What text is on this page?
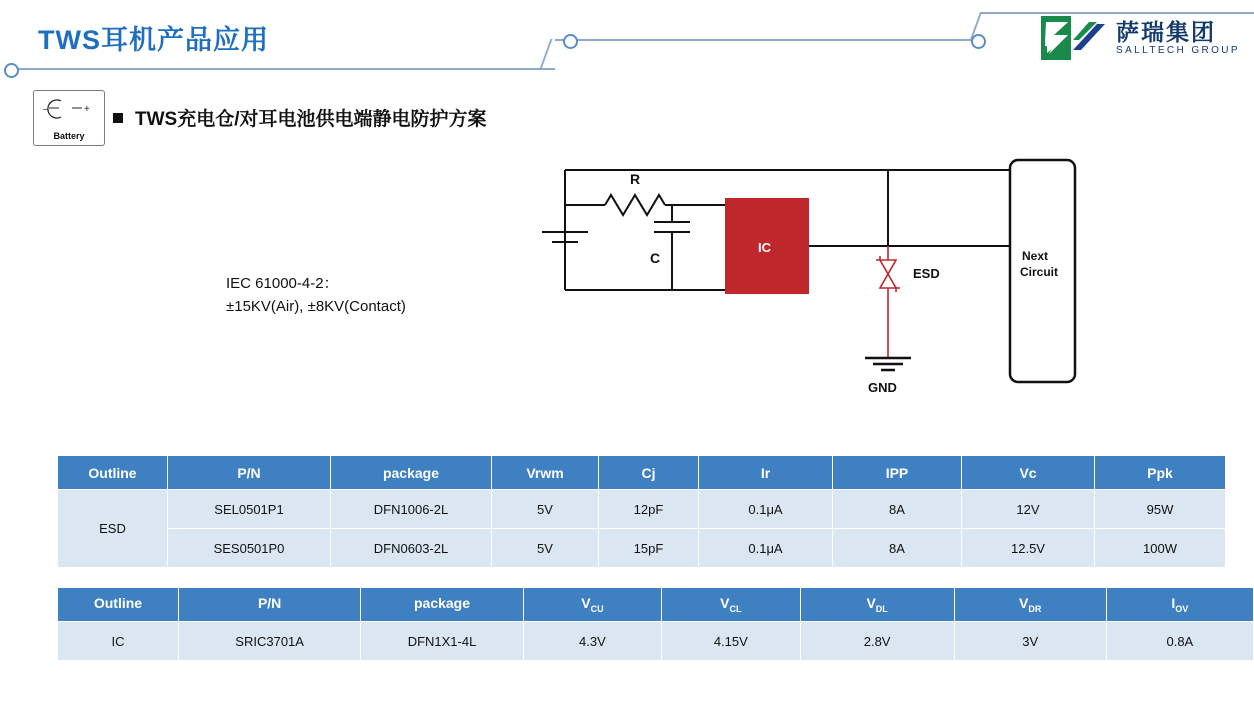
TWS耳机产品应用	萨瑞集团
SALLTECH GROUP
–	+
Battery
TWS充电仓/对耳电池供电端静电防护方案
IEC 61000-4-2：
±15KV(Air), ±8KV(Contact)
R
C
IC
ESD
GND
Next
Circuit
Outline	P/N	package	Vrwm	Cj	Ir	IPP	Vc	Ppk
ESD	SEL0501P1	DFN1006-2L	5V	12pF	0.1μA	8A	12V	95W
	SES0501P0	DFN0603-2L	5V	15pF	0.1μA	8A	12.5V	100W
Outline	P/N	package	$V_{CU}$	$V_{CL}$	$V_{DL}$	$V_{DR}$	$I_{OV}$
IC	SRIC3701A	DFN1X1-4L	4.3V	4.15V	2.8V	3V	0.8A
